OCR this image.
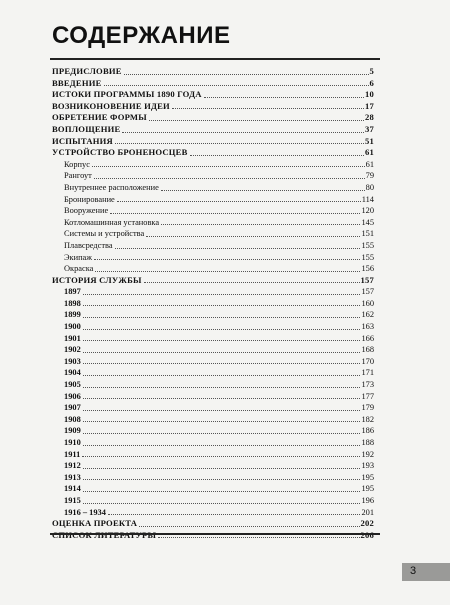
СОДЕРЖАНИЕ
ПРЕДИСЛОВИЕ	5
ВВЕДЕНИЕ	6
ИСТОКИ ПРОГРАММЫ 1890 ГОДА	10
ВОЗНИКОНОВЕНИЕ ИДЕИ	17
ОБРЕТЕНИЕ ФОРМЫ	28
ВОПЛОЩЕНИЕ	37
ИСПЫТАНИЯ	51
УСТРОЙСТВО БРОНЕНОСЦЕВ	61
Корпус	61
Рангоут	79
Внутреннее расположение	80
Бронирование	114
Вооружение	120
Котломашинная установка	145
Системы и устройства	151
Плавсредства	155
Экипаж	155
Окраска	156
ИСТОРИЯ СЛУЖБЫ	157
1897	157
1898	160
1899	162
1900	163
1901	166
1902	168
1903	170
1904	171
1905	173
1906	177
1907	179
1908	182
1909	186
1910	188
1911	192
1912	193
1913	195
1914	195
1915	196
1916 – 1934	201
ОЦЕНКА ПРОЕКТА	202
СПИСОК ЛИТЕРАТУРЫ	206
3
